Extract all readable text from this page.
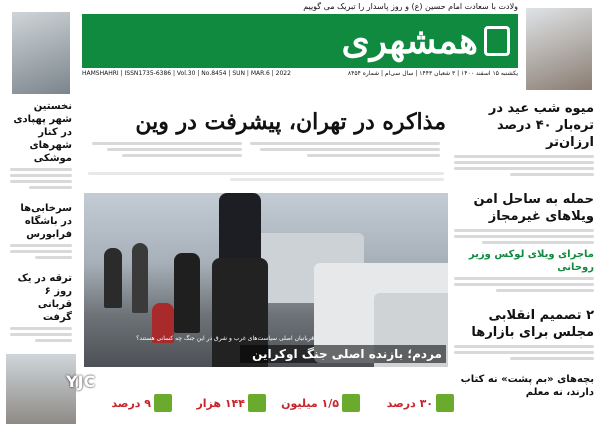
ولادت با سعادت امام حسین (ع) و روز پاسدار را تبریک می گوییم
همشهری
HAMSHAHRI | ISSN1735-6386 | Vol.30 | No.8454 | SUN | MAR.6 | 2022	یکشنبه ۱۵ اسفند ۱۴۰۰ | ۳ شعبان ۱۴۴۳ | سال سی‌ام | شماره ۸۴۵۴
مذاکره در تهران، پیشرفت در وین
قربانیان اصلی سیاست‌های غرب و شرق در این جنگ چه کسانی هستند؟
مردم؛ بازنده اصلی جنگ اوکراین
نخستین شهر پهپادی در کنار شهرهای موشکی
سرخابی‌ها در باشگاه فرابورس
ترقه در یک روز ۶ قربانی گرفت
میوه شب عید در تره‌بار ۴۰ درصد ارزان‌تر
حمله به ساحل امن ویلاهای غیرمجاز
ماجرای ویلای لوکس وزیر روحانی
۲ تصمیم انقلابی مجلس برای بازارها
بچه‌های «بم پشت» نه کتاب دارند، نه معلم
۳۰ درصد
۱/۵ میلیون
۱۴۴ هزار
۹ درصد
YJC
